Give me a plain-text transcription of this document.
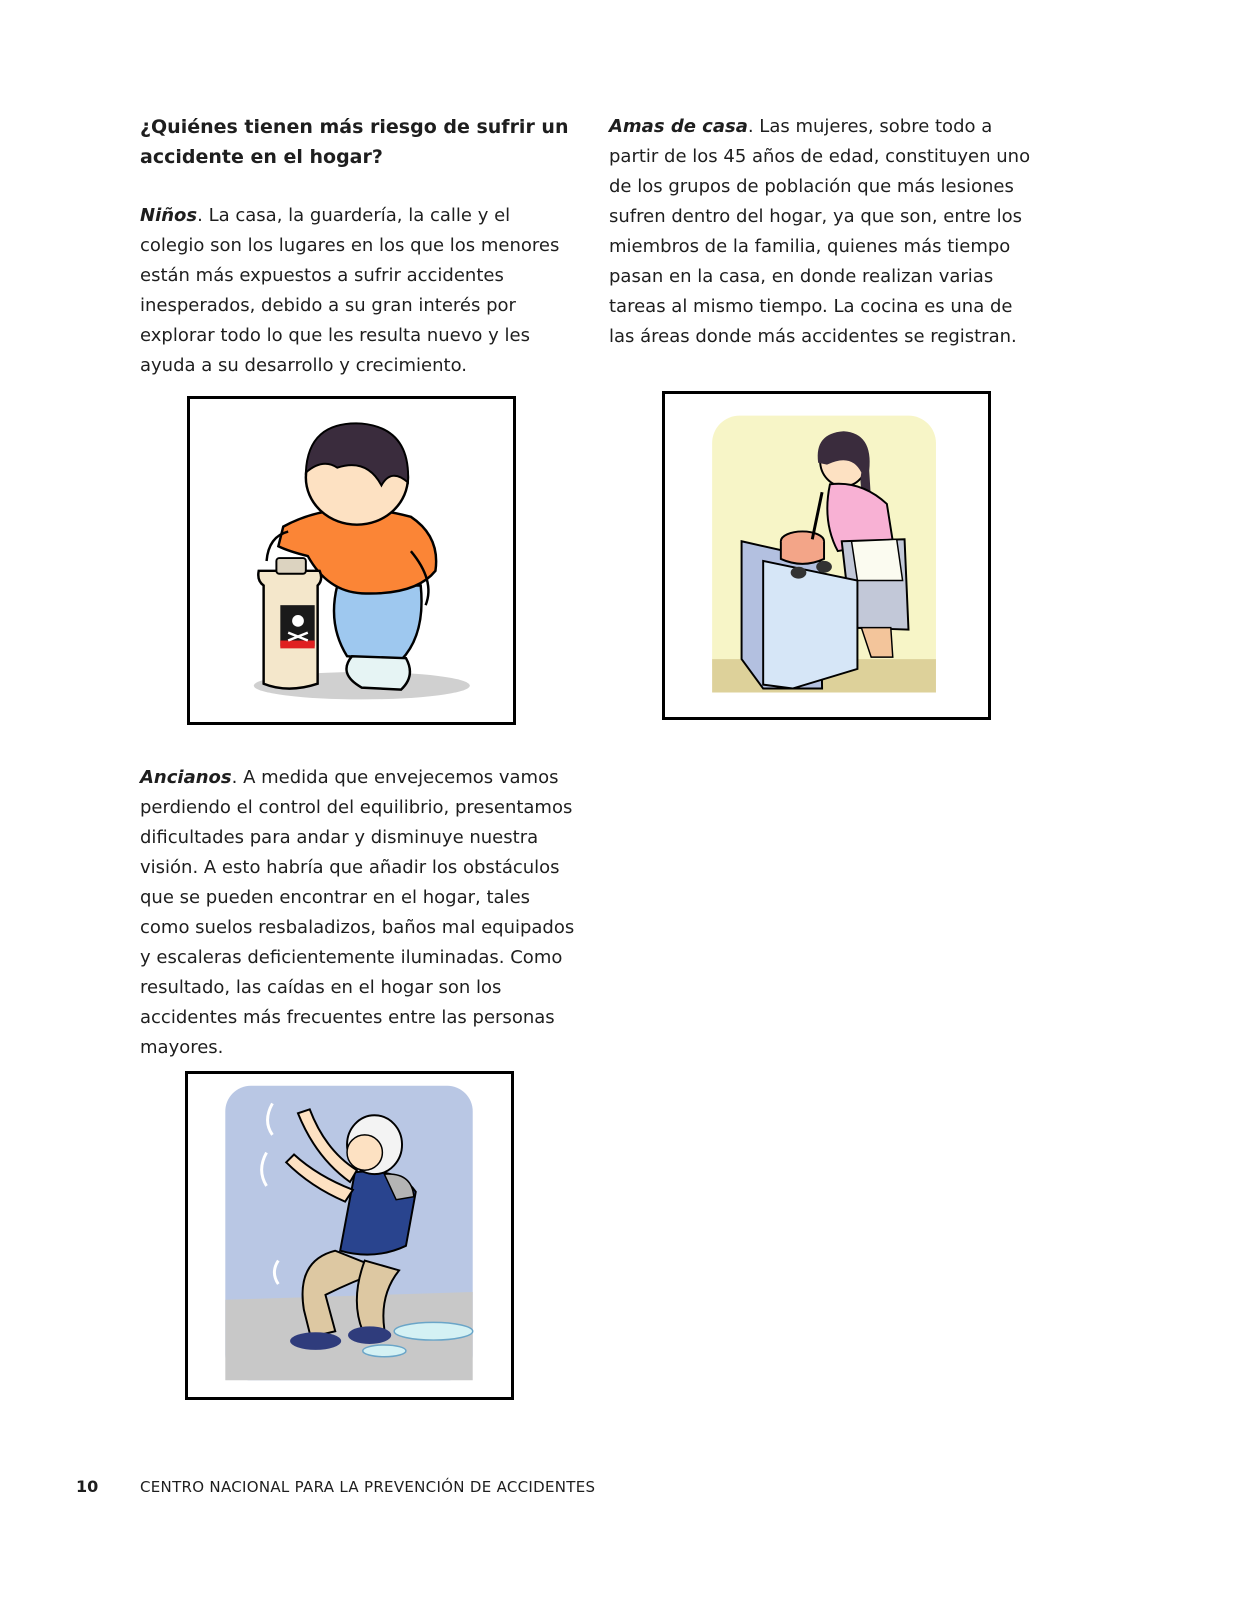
¿Quiénes tienen más riesgo de sufrir un accidente en el hogar?

Niños. La casa, la guardería, la calle y el colegio son los lugares en los que los menores están más expuestos a sufrir accidentes inesperados, debido a su gran interés por explorar todo lo que les resulta nuevo y les ayuda a su desarrollo y crecimiento.

Amas de casa. Las mujeres, sobre todo a partir de los 45 años de edad, constituyen uno de los grupos de población que más lesiones sufren dentro del hogar, ya que son, entre los miembros de la familia, quienes más tiempo pasan en la casa, en donde realizan varias tareas al mismo tiempo. La cocina es una de las áreas donde más accidentes se registran.

Ancianos. A medida que envejecemos vamos perdiendo el control del equilibrio, presentamos dificultades para andar y disminuye nuestra visión. A esto habría que añadir los obstáculos que se pueden encontrar en el hogar, tales como suelos resbaladizos, baños mal equipados y escaleras deficientemente iluminadas. Como resultado, las caídas en el hogar son los accidentes más frecuentes entre las personas mayores.

10	CENTRO NACIONAL PARA LA PREVENCIÓN DE ACCIDENTES
